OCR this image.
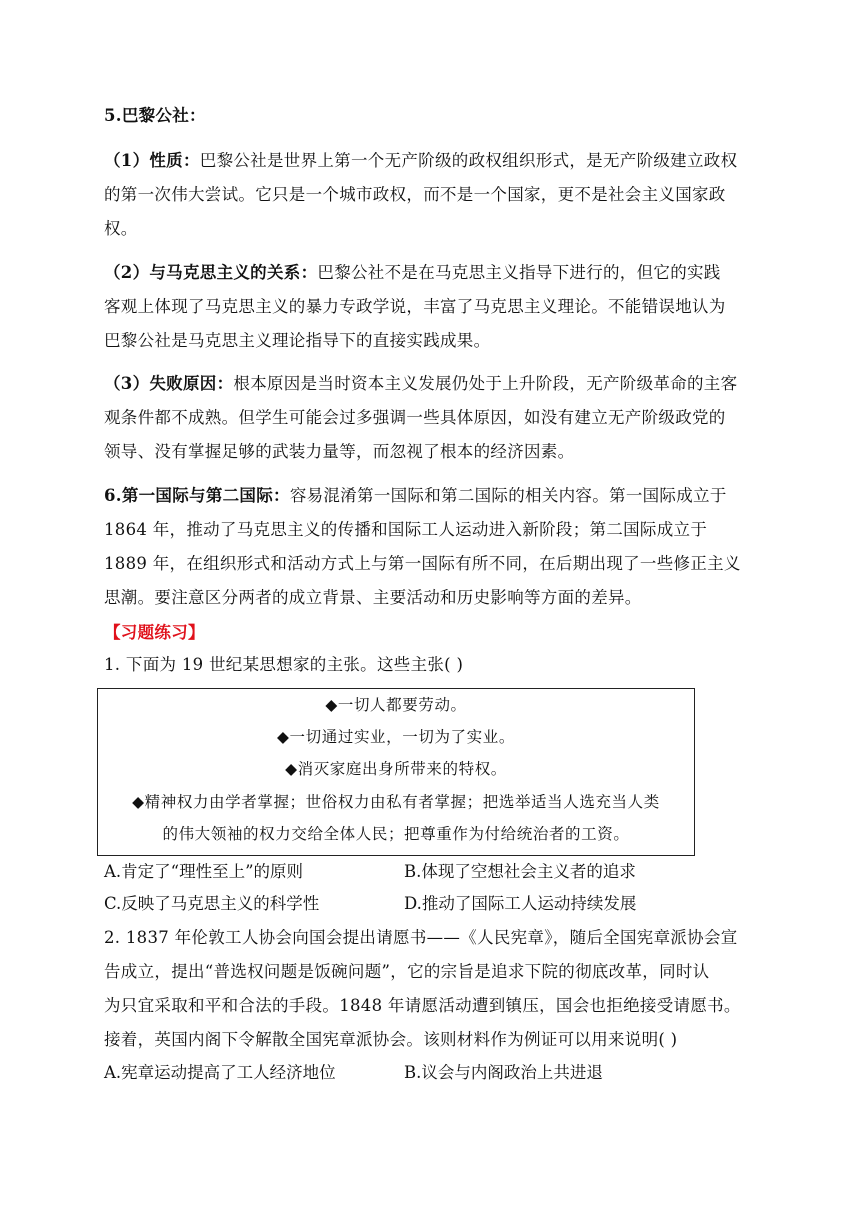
5.巴黎公社：
（1）性质：巴黎公社是世界上第一个无产阶级的政权组织形式，是无产阶级建立政权
的第一次伟大尝试。它只是一个城市政权，而不是一个国家，更不是社会主义国家政
权。
（2）与马克思主义的关系：巴黎公社不是在马克思主义指导下进行的，但它的实践
客观上体现了马克思主义的暴力专政学说，丰富了马克思主义理论。不能错误地认为
巴黎公社是马克思主义理论指导下的直接实践成果。
（3）失败原因：根本原因是当时资本主义发展仍处于上升阶段，无产阶级革命的主客
观条件都不成熟。但学生可能会过多强调一些具体原因，如没有建立无产阶级政党的
领导、没有掌握足够的武装力量等，而忽视了根本的经济因素。
6.第一国际与第二国际：容易混淆第一国际和第二国际的相关内容。第一国际成立于
1864 年，推动了马克思主义的传播和国际工人运动进入新阶段；第二国际成立于
1889 年，在组织形式和活动方式上与第一国际有所不同，在后期出现了一些修正主义
思潮。要注意区分两者的成立背景、主要活动和历史影响等方面的差异。
【习题练习】
1. 下面为 19 世纪某思想家的主张。这些主张( )
◆一切人都要劳动。
◆一切通过实业，一切为了实业。
◆消灭家庭出身所带来的特权。
◆精神权力由学者掌握；世俗权力由私有者掌握；把选举适当人选充当人类
的伟大领袖的权力交给全体人民；把尊重作为付给统治者的工资。
A.肯定了“理性至上”的原则	B.体现了空想社会主义者的追求
C.反映了马克思主义的科学性	D.推动了国际工人运动持续发展
2. 1837 年伦敦工人协会向国会提出请愿书——《人民宪章》，随后全国宪章派协会宣
告成立，提出“普选权问题是饭碗问题”，它的宗旨是追求下院的彻底改革，同时认
为只宜采取和平和合法的手段。1848 年请愿活动遭到镇压，国会也拒绝接受请愿书。
接着，英国内阁下令解散全国宪章派协会。该则材料作为例证可以用来说明( )
A.宪章运动提高了工人经济地位	B.议会与内阁政治上共进退
